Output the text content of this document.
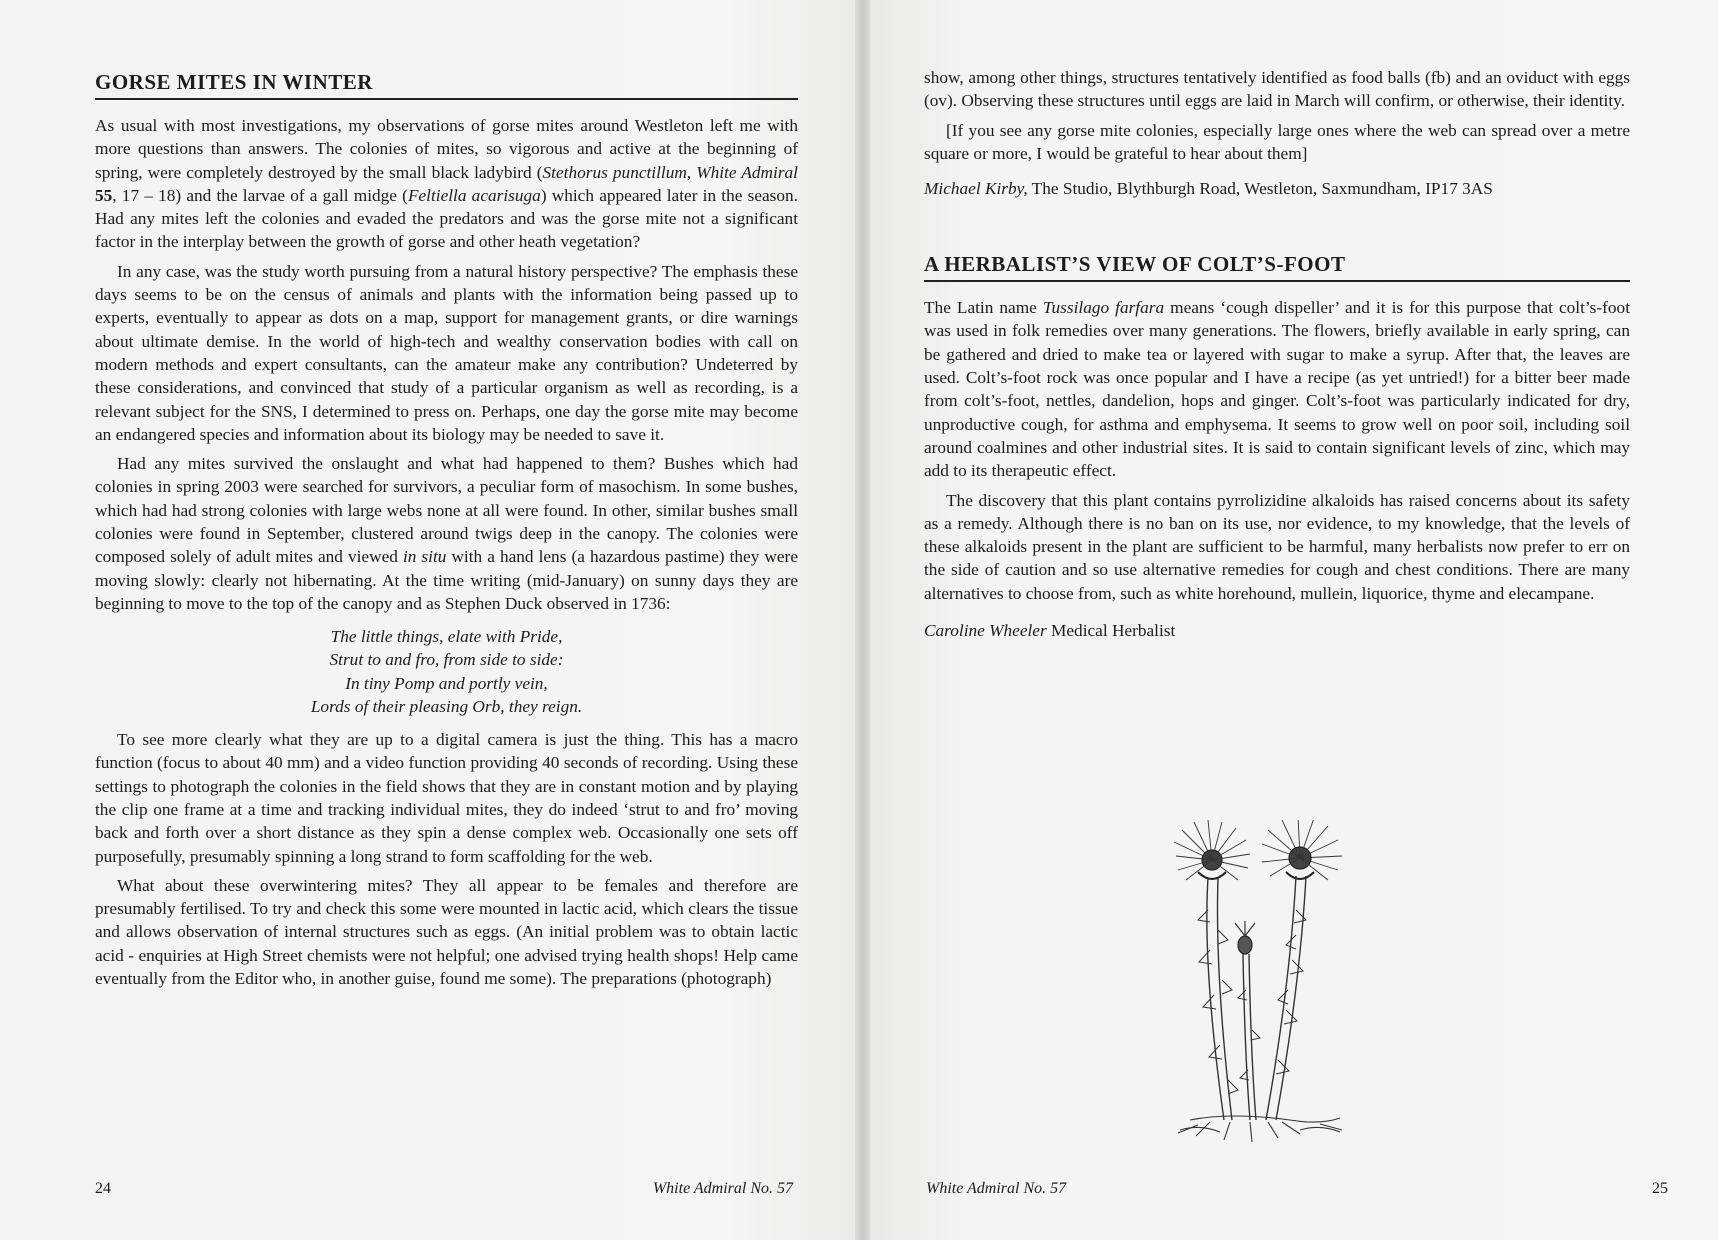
GORSE MITES IN WINTER

As usual with most investigations, my observations of gorse mites around Westleton left me with more questions than answers. The colonies of mites, so vigorous and active at the beginning of spring, were completely destroyed by the small black ladybird (Stethorus punctillum, White Admiral 55, 17 – 18) and the larvae of a gall midge (Feltiella acarisuga) which appeared later in the season. Had any mites left the colonies and evaded the predators and was the gorse mite not a significant factor in the interplay between the growth of gorse and other heath vegetation?

In any case, was the study worth pursuing from a natural history perspective? The emphasis these days seems to be on the census of animals and plants with the information being passed up to experts, eventually to appear as dots on a map, support for management grants, or dire warnings about ultimate demise. In the world of high-tech and wealthy conservation bodies with call on modern methods and expert consultants, can the amateur make any contribution? Undeterred by these considerations, and convinced that study of a particular organism as well as recording, is a relevant subject for the SNS, I determined to press on. Perhaps, one day the gorse mite may become an endangered species and information about its biology may be needed to save it.

Had any mites survived the onslaught and what had happened to them? Bushes which had colonies in spring 2003 were searched for survivors, a peculiar form of masochism. In some bushes, which had had strong colonies with large webs none at all were found. In other, similar bushes small colonies were found in September, clustered around twigs deep in the canopy. The colonies were composed solely of adult mites and viewed in situ with a hand lens (a hazardous pastime) they were moving slowly: clearly not hibernating. At the time writing (mid-January) on sunny days they are beginning to move to the top of the canopy and as Stephen Duck observed in 1736:

The little things, elate with Pride,
Strut to and fro, from side to side:
In tiny Pomp and portly vein,
Lords of their pleasing Orb, they reign.

To see more clearly what they are up to a digital camera is just the thing. This has a macro function (focus to about 40 mm) and a video function providing 40 seconds of recording. Using these settings to photograph the colonies in the field shows that they are in constant motion and by playing the clip one frame at a time and tracking individual mites, they do indeed ‘strut to and fro’ moving back and forth over a short distance as they spin a dense complex web. Occasionally one sets off purposefully, presumably spinning a long strand to form scaffolding for the web.

What about these overwintering mites? They all appear to be females and therefore are presumably fertilised. To try and check this some were mounted in lactic acid, which clears the tissue and allows observation of internal structures such as eggs. (An initial problem was to obtain lactic acid - enquiries at High Street chemists were not helpful; one advised trying health shops! Help came eventually from the Editor who, in another guise, found me some). The preparations (photograph)

24	White Admiral No. 57

show, among other things, structures tentatively identified as food balls (fb) and an oviduct with eggs (ov). Observing these structures until eggs are laid in March will confirm, or otherwise, their identity.

[If you see any gorse mite colonies, especially large ones where the web can spread over a metre square or more, I would be grateful to hear about them]

Michael Kirby, The Studio, Blythburgh Road, Westleton, Saxmundham, IP17 3AS
A HERBALIST’S VIEW OF COLT’S-FOOT

The Latin name Tussilago farfara means ‘cough dispeller’ and it is for this purpose that colt’s-foot was used in folk remedies over many generations. The flowers, briefly available in early spring, can be gathered and dried to make tea or layered with sugar to make a syrup. After that, the leaves are used. Colt’s-foot rock was once popular and I have a recipe (as yet untried!) for a bitter beer made from colt’s-foot, nettles, dandelion, hops and ginger. Colt’s-foot was particularly indicated for dry, unproductive cough, for asthma and emphysema. It seems to grow well on poor soil, including soil around coalmines and other industrial sites. It is said to contain significant levels of zinc, which may add to its therapeutic effect.

The discovery that this plant contains pyrrolizidine alkaloids has raised concerns about its safety as a remedy. Although there is no ban on its use, nor evidence, to my knowledge, that the levels of these alkaloids present in the plant are sufficient to be harmful, many herbalists now prefer to err on the side of caution and so use alternative remedies for cough and chest conditions. There are many alternatives to choose from, such as white horehound, mullein, liquorice, thyme and elecampane.

Caroline Wheeler Medical Herbalist
White Admiral No. 57	25
